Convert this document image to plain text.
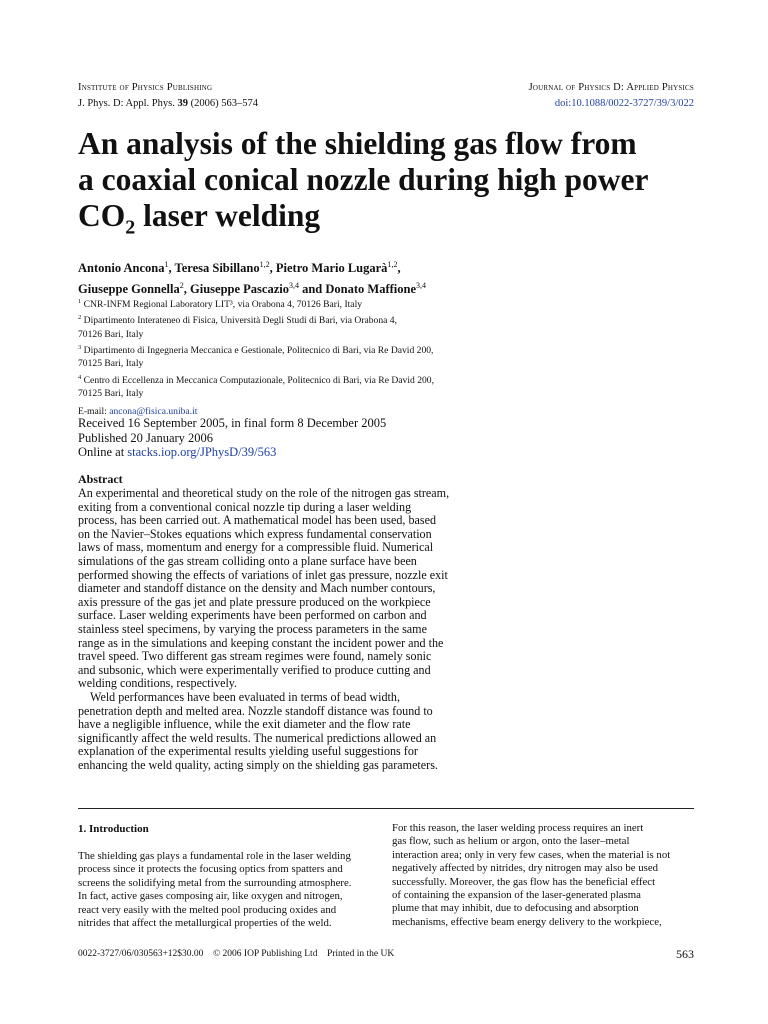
Institute of Physics Publishing	Journal of Physics D: Applied Physics
J. Phys. D: Appl. Phys. 39 (2006) 563–574	doi:10.1088/0022-3727/39/3/022
An analysis of the shielding gas flow from
a coaxial conical nozzle during high power
$CO_2$ laser welding
Antonio Ancona$^1$, Teresa Sibillano$^{1,2}$, Pietro Mario Lugarà$^{1,2}$,
Giuseppe Gonnella$^2$, Giuseppe Pascazio$^{3,4}$ and Donato Maffione$^{3,4}$

$^1$ CNR-INFM Regional Laboratory LIT³, via Orabona 4, 70126 Bari, Italy

$^2$ Dipartimento Interateneo di Fisica, Università Degli Studi di Bari, via Orabona 4,

70126 Bari, Italy

$^3$ Dipartimento di Ingegneria Meccanica e Gestionale, Politecnico di Bari, via Re David 200,

70125 Bari, Italy

$^4$ Centro di Eccellenza in Meccanica Computazionale, Politecnico di Bari, via Re David 200,

70125 Bari, Italy

E-mail: ancona@fisica.uniba.it

Received 16 September 2005, in final form 8 December 2005

Published 20 January 2006

Online at stacks.iop.org/JPhysD/39/563

Abstract

An experimental and theoretical study on the role of the nitrogen gas stream,
exiting from a conventional conical nozzle tip during a laser welding
process, has been carried out. A mathematical model has been used, based
on the Navier–Stokes equations which express fundamental conservation
laws of mass, momentum and energy for a compressible fluid. Numerical
simulations of the gas stream colliding onto a plane surface have been
performed showing the effects of variations of inlet gas pressure, nozzle exit
diameter and standoff distance on the density and Mach number contours,
axis pressure of the gas jet and plate pressure produced on the workpiece
surface. Laser welding experiments have been performed on carbon and
stainless steel specimens, by varying the process parameters in the same
range as in the simulations and keeping constant the incident power and the
travel speed. Two different gas stream regimes were found, namely sonic
and subsonic, which were experimentally verified to produce cutting and
welding conditions, respectively.

Weld performances have been evaluated in terms of bead width,
penetration depth and melted area. Nozzle standoff distance was found to
have a negligible influence, while the exit diameter and the flow rate
significantly affect the weld results. The numerical predictions allowed an
explanation of the experimental results yielding useful suggestions for
enhancing the weld quality, acting simply on the shielding gas parameters.

1. Introduction

The shielding gas plays a fundamental role in the laser welding
process since it protects the focusing optics from spatters and
screens the solidifying metal from the surrounding atmosphere.
In fact, active gases composing air, like oxygen and nitrogen,
react very easily with the melted pool producing oxides and
nitrides that affect the metallurgical properties of the weld.

For this reason, the laser welding process requires an inert
gas flow, such as helium or argon, onto the laser–metal
interaction area; only in very few cases, when the material is not
negatively affected by nitrides, dry nitrogen may also be used
successfully. Moreover, the gas flow has the beneficial effect
of containing the expansion of the laser-generated plasma
plume that may inhibit, due to defocusing and absorption
mechanisms, effective beam energy delivery to the workpiece,

0022-3727/06/030563+12$30.00 © 2006 IOP Publishing Ltd Printed in the UK	563
